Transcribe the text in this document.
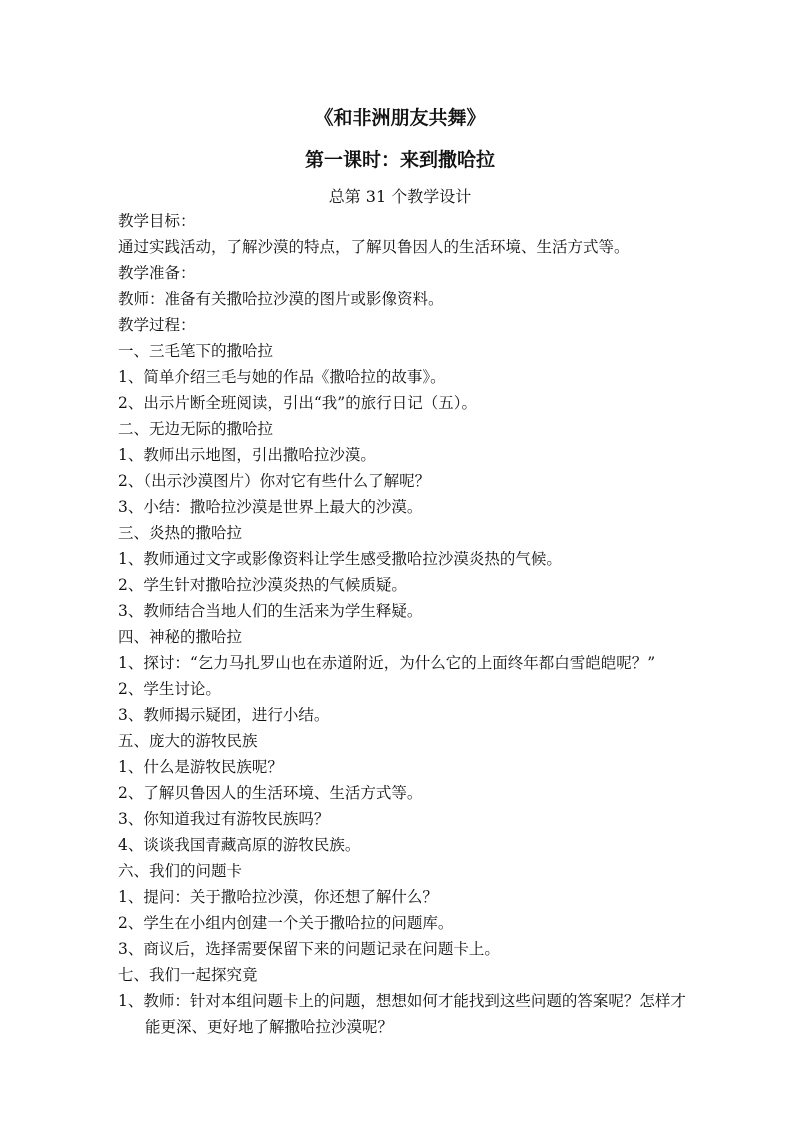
《和非洲朋友共舞》
第一课时：来到撒哈拉
总第 31 个教学设计
教学目标：
通过实践活动，了解沙漠的特点，了解贝鲁因人的生活环境、生活方式等。
教学准备：
教师：准备有关撒哈拉沙漠的图片或影像资料。
教学过程：
一、三毛笔下的撒哈拉
1、简单介绍三毛与她的作品《撒哈拉的故事》。
2、出示片断全班阅读，引出“我”的旅行日记（五）。
二、无边无际的撒哈拉
1、教师出示地图，引出撒哈拉沙漠。
2、（出示沙漠图片）你对它有些什么了解呢？
3、小结：撒哈拉沙漠是世界上最大的沙漠。
三、炎热的撒哈拉
1、教师通过文字或影像资料让学生感受撒哈拉沙漠炎热的气候。
2、学生针对撒哈拉沙漠炎热的气候质疑。
3、教师结合当地人们的生活来为学生释疑。
四、神秘的撒哈拉
1、探讨：“乞力马扎罗山也在赤道附近，为什么它的上面终年都白雪皑皑呢？”
2、学生讨论。
3、教师揭示疑团，进行小结。
五、庞大的游牧民族
1、什么是游牧民族呢？
2、了解贝鲁因人的生活环境、生活方式等。
3、你知道我过有游牧民族吗？
4、谈谈我国青藏高原的游牧民族。
六、我们的问题卡
1、提问：关于撒哈拉沙漠，你还想了解什么？
2、学生在小组内创建一个关于撒哈拉的问题库。
3、商议后，选择需要保留下来的问题记录在问题卡上。
七、我们一起探究竟
1、教师：针对本组问题卡上的问题，想想如何才能找到这些问题的答案呢？怎样才能更深、更好地了解撒哈拉沙漠呢？
